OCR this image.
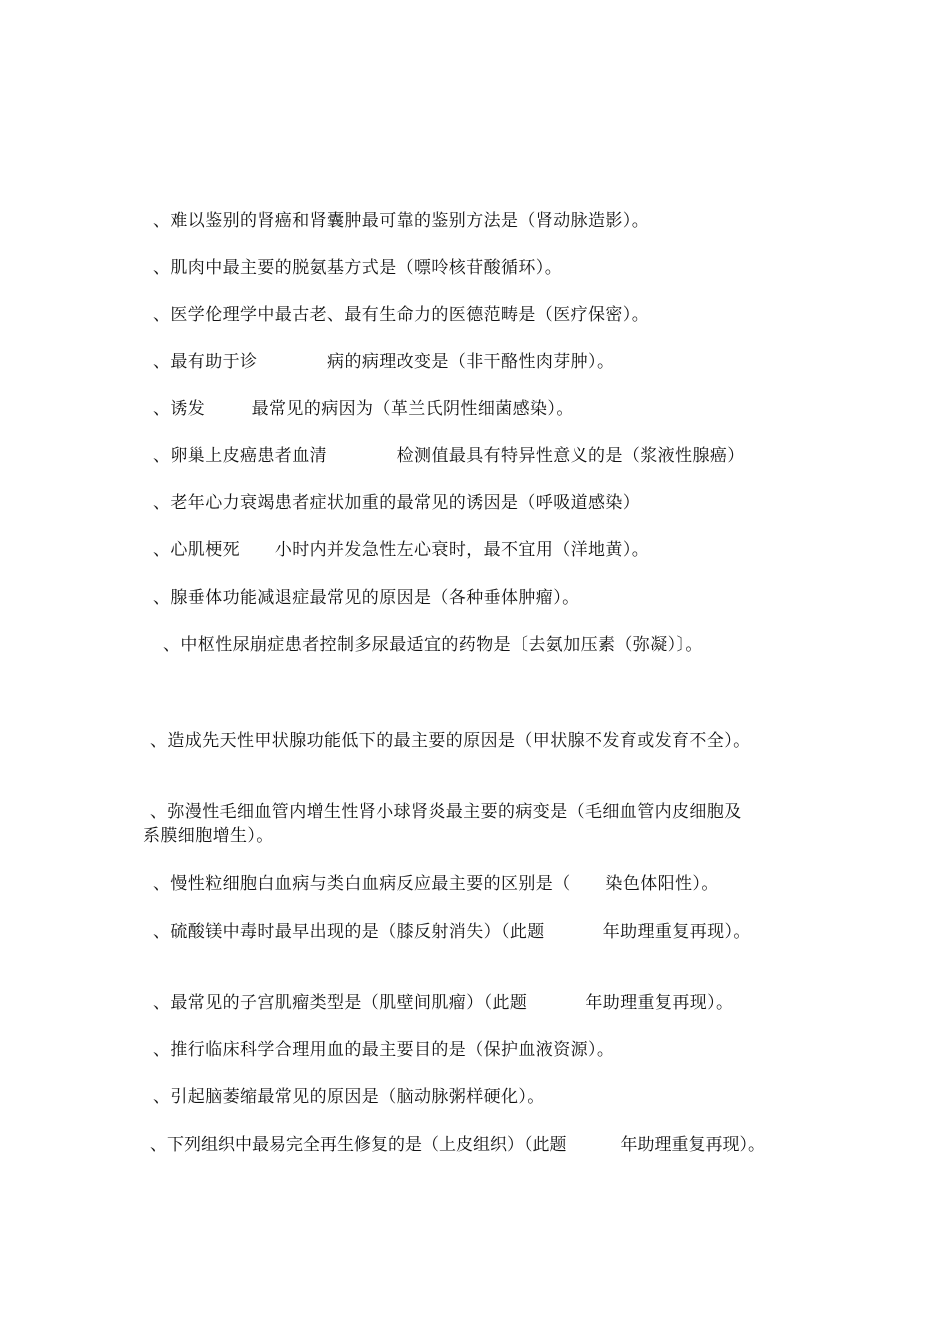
、难以鉴别的肾癌和肾囊肿最可靠的鉴别方法是（肾动脉造影）。
、肌肉中最主要的脱氨基方式是（嘌呤核苷酸循环）。
、医学伦理学中最古老、最有生命力的医德范畴是（医疗保密）。
、最有助于诊            病的病理改变是（非干酪性肉芽肿）。
、诱发        最常见的病因为（革兰氏阴性细菌感染）。
、卵巢上皮癌患者血清            检测值最具有特异性意义的是（浆液性腺癌）
、老年心力衰竭患者症状加重的最常见的诱因是（呼吸道感染）
、心肌梗死      小时内并发急性左心衰时，最不宜用（洋地黄）。
、腺垂体功能减退症最常见的原因是（各种垂体肿瘤）。
、中枢性尿崩症患者控制多尿最适宜的药物是〔去氨加压素（弥凝）〕。
、造成先天性甲状腺功能低下的最主要的原因是（甲状腺不发育或发育不全）。
、弥漫性毛细血管内增生性肾小球肾炎最主要的病变是（毛细血管内皮细胞及
系膜细胞增生）。
、慢性粒细胞白血病与类白血病反应最主要的区别是（      染色体阳性）。
、硫酸镁中毒时最早出现的是（膝反射消失）（此题          年助理重复再现）。
、最常见的子宫肌瘤类型是（肌壁间肌瘤）（此题          年助理重复再现）。
、推行临床科学合理用血的最主要目的是（保护血液资源）。
、引起脑萎缩最常见的原因是（脑动脉粥样硬化）。
、下列组织中最易完全再生修复的是（上皮组织）（此题          年助理重复再现）。
